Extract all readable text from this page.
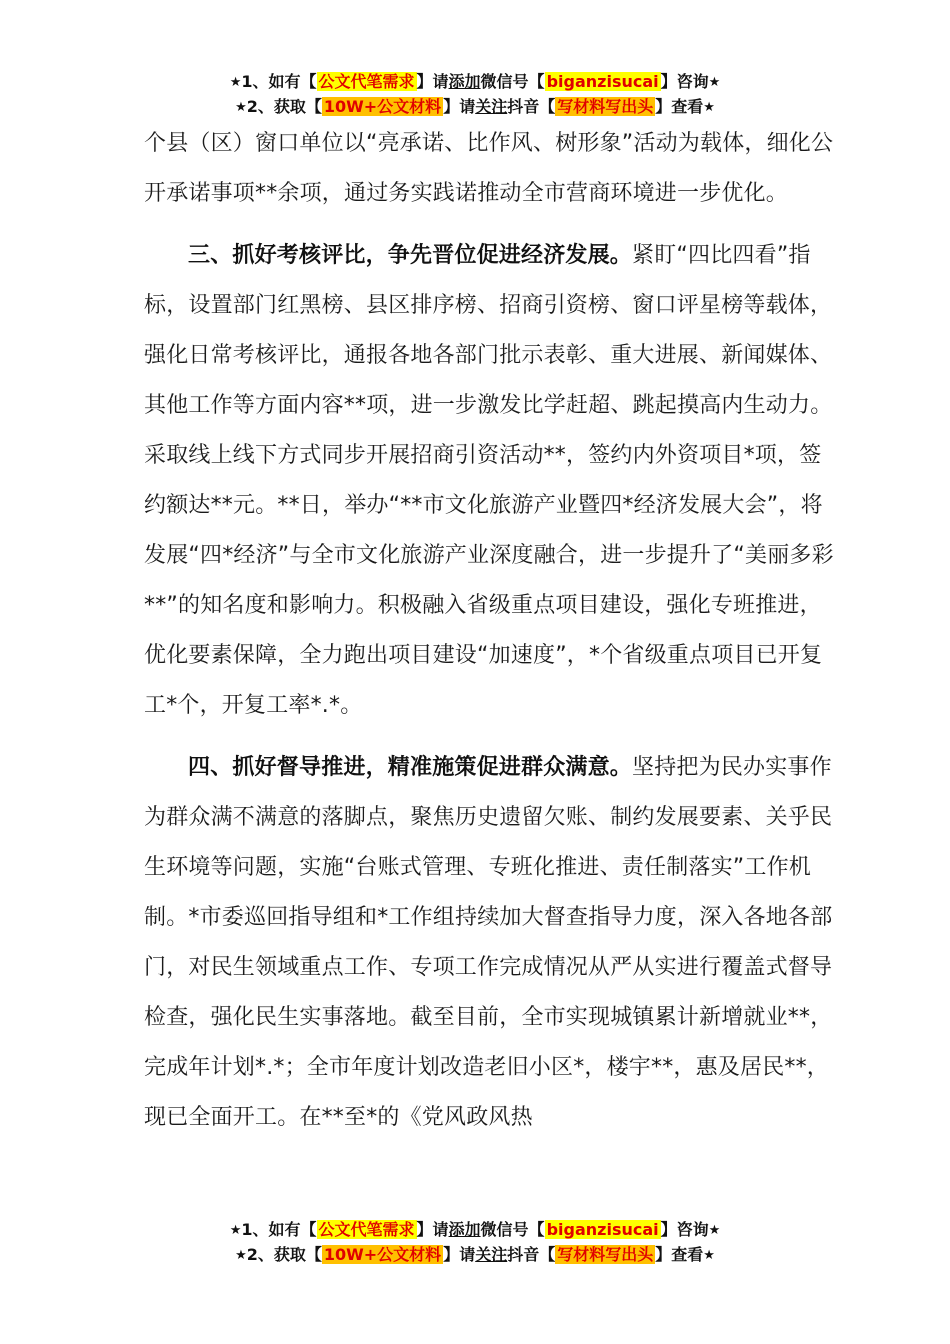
★1、如有【 公文代笔需求 】请添加微信号【 biganzisucai 】咨询★
★2、获取【 10W+公文材料 】请关注抖音【 写材料写出头 】查看★

个县（区）窗口单位以“亮承诺、比作风、树形象”活动为载体，细化公开承诺事项**余项，通过务实践诺推动全市营商环境进一步优化。

三、抓好考核评比，争先晋位促进经济发展。紧盯“四比四看”指标，设置部门红黑榜、县区排序榜、招商引资榜、窗口评星榜等载体，强化日常考核评比，通报各地各部门批示表彰、重大进展、新闻媒体、其他工作等方面内容**项，进一步激发比学赶超、跳起摸高内生动力。采取线上线下方式同步开展招商引资活动**，签约内外资项目*项，签约额达**元。**日，举办“**市文化旅游产业暨四*经济发展大会”，将发展“四*经济”与全市文化旅游产业深度融合，进一步提升了“美丽多彩**”的知名度和影响力。积极融入省级重点项目建设，强化专班推进，优化要素保障，全力跑出项目建设“加速度”，*个省级重点项目已开复工*个，开复工率*.*。

四、抓好督导推进，精准施策促进群众满意。坚持把为民办实事作为群众满不满意的落脚点，聚焦历史遗留欠账、制约发展要素、关乎民生环境等问题，实施“台账式管理、专班化推进、责任制落实”工作机制。*市委巡回指导组和*工作组持续加大督查指导力度，深入各地各部门，对民生领域重点工作、专项工作完成情况从严从实进行覆盖式督导检查，强化民生实事落地。截至目前，全市实现城镇累计新增就业**，完成年计划*.*；全市年度计划改造老旧小区*，楼宇**，惠及居民**，现已全面开工。在**至*的《党风政风热

★1、如有【 公文代笔需求 】请添加微信号【 biganzisucai 】咨询★
★2、获取【 10W+公文材料 】请关注抖音【 写材料写出头 】查看★
